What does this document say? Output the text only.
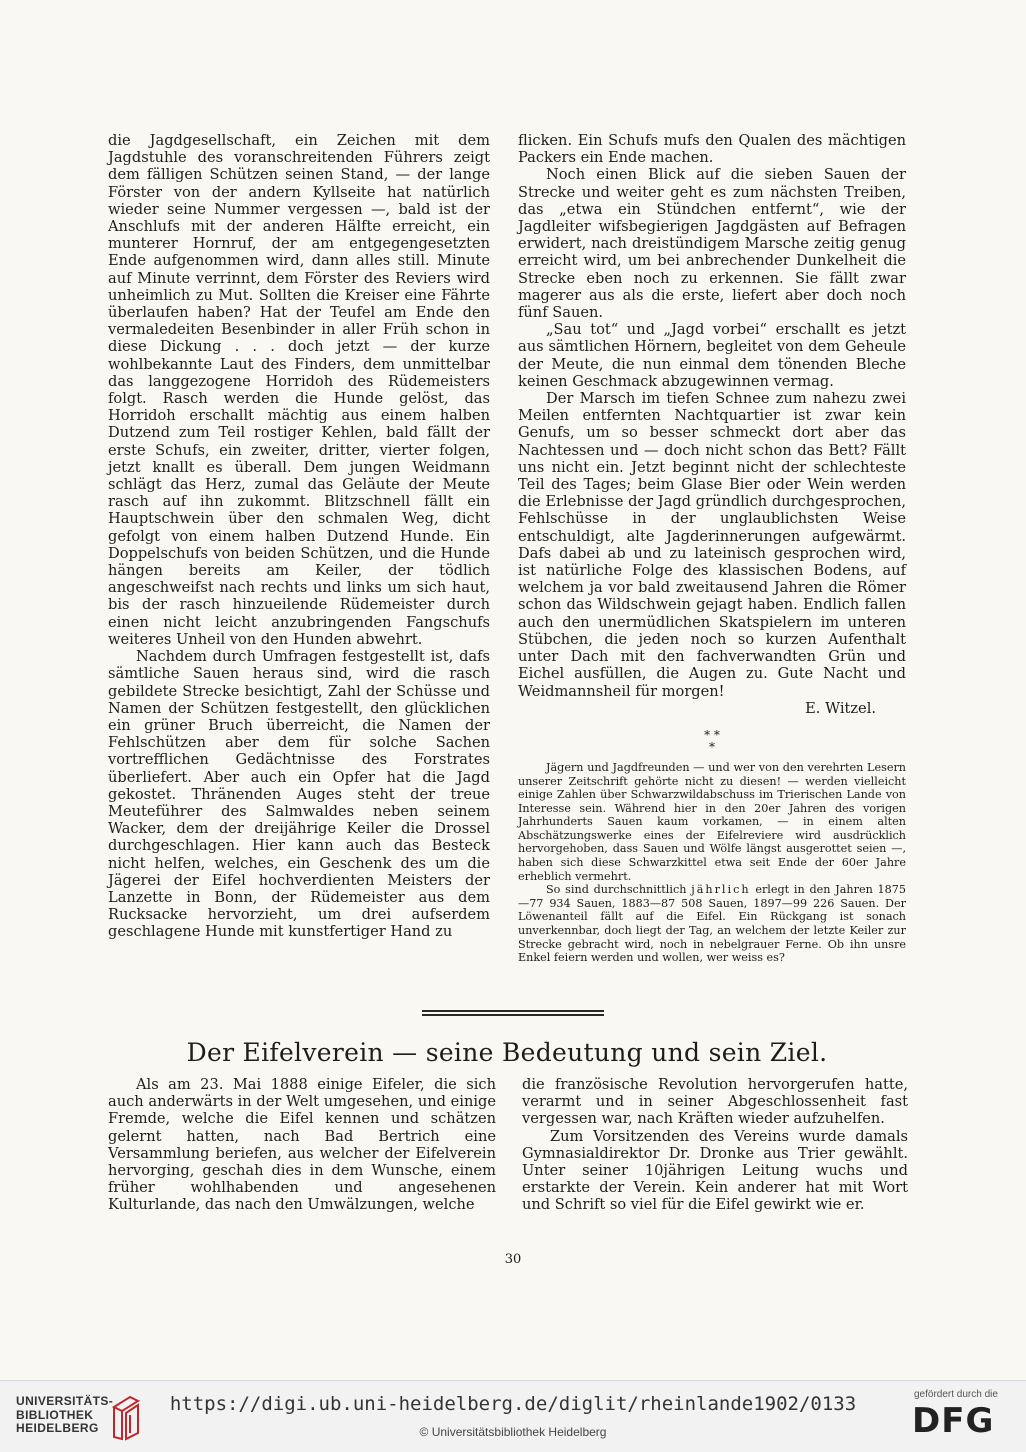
die Jagdgesellschaft, ein Zeichen mit dem Jagdstuhle des voranschreitenden Führers zeigt dem fälligen Schützen seinen Stand, — der lange Förster von der andern Kyllseite hat natürlich wieder seine Nummer vergessen —, bald ist der Anschlufs mit der anderen Hälfte erreicht, ein munterer Hornruf, der am entgegengesetzten Ende aufgenommen wird, dann alles still. Minute auf Minute verrinnt, dem Förster des Reviers wird unheimlich zu Mut. Sollten die Kreiser eine Fährte überlaufen haben? Hat der Teufel am Ende den vermaledeiten Besenbinder in aller Früh schon in diese Dickung . . . doch jetzt — der kurze wohlbekannte Laut des Finders, dem unmittelbar das langgezogene Horridoh des Rüdemeisters folgt. Rasch werden die Hunde gelöst, das Horridoh erschallt mächtig aus einem halben Dutzend zum Teil rostiger Kehlen, bald fällt der erste Schufs, ein zweiter, dritter, vierter folgen, jetzt knallt es überall. Dem jungen Weidmann schlägt das Herz, zumal das Geläute der Meute rasch auf ihn zukommt. Blitzschnell fällt ein Hauptschwein über den schmalen Weg, dicht gefolgt von einem halben Dutzend Hunde. Ein Doppelschufs von beiden Schützen, und die Hunde hängen bereits am Keiler, der tödlich angeschweifst nach rechts und links um sich haut, bis der rasch hinzueilende Rüdemeister durch einen nicht leicht anzubringenden Fangschufs weiteres Unheil von den Hunden abwehrt.

Nachdem durch Umfragen festgestellt ist, dafs sämtliche Sauen heraus sind, wird die rasch gebildete Strecke besichtigt, Zahl der Schüsse und Namen der Schützen festgestellt, den glücklichen ein grüner Bruch überreicht, die Namen der Fehlschützen aber dem für solche Sachen vortrefflichen Gedächtnisse des Forstrates überliefert. Aber auch ein Opfer hat die Jagd gekostet. Thränenden Auges steht der treue Meuteführer des Salmwaldes neben seinem Wacker, dem der dreijährige Keiler die Drossel durchgeschlagen. Hier kann auch das Besteck nicht helfen, welches, ein Geschenk des um die Jägerei der Eifel hochverdienten Meisters der Lanzette in Bonn, der Rüdemeister aus dem Rucksacke hervorzieht, um drei aufserdem geschlagene Hunde mit kunstfertiger Hand zu

flicken. Ein Schufs mufs den Qualen des mächtigen Packers ein Ende machen.

Noch einen Blick auf die sieben Sauen der Strecke und weiter geht es zum nächsten Treiben, das „etwa ein Stündchen entfernt“, wie der Jagdleiter wifsbegierigen Jagdgästen auf Befragen erwidert, nach dreistündigem Marsche zeitig genug erreicht wird, um bei anbrechender Dunkelheit die Strecke eben noch zu erkennen. Sie fällt zwar magerer aus als die erste, liefert aber doch noch fünf Sauen.

„Sau tot“ und „Jagd vorbei“ erschallt es jetzt aus sämtlichen Hörnern, begleitet von dem Geheule der Meute, die nun einmal dem tönenden Bleche keinen Geschmack abzugewinnen vermag.

Der Marsch im tiefen Schnee zum nahezu zwei Meilen entfernten Nachtquartier ist zwar kein Genufs, um so besser schmeckt dort aber das Nachtessen und — doch nicht schon das Bett? Fällt uns nicht ein. Jetzt beginnt nicht der schlechteste Teil des Tages; beim Glase Bier oder Wein werden die Erlebnisse der Jagd gründlich durchgesprochen, Fehlschüsse in der unglaublichsten Weise entschuldigt, alte Jagderinnerungen aufgewärmt. Dafs dabei ab und zu lateinisch gesprochen wird, ist natürliche Folge des klassischen Bodens, auf welchem ja vor bald zweitausend Jahren die Römer schon das Wildschwein gejagt haben. Endlich fallen auch den unermüdlichen Skatspielern im unteren Stübchen, die jeden noch so kurzen Aufenthalt unter Dach mit den fachverwandten Grün und Eichel ausfüllen, die Augen zu. Gute Nacht und Weidmannsheil für morgen!

E. Witzel.

* *
*

Jägern und Jagdfreunden — und wer von den verehrten Lesern unserer Zeitschrift gehörte nicht zu diesen! — werden vielleicht einige Zahlen über Schwarzwildabschuss im Trierischen Lande von Interesse sein. Während hier in den 20er Jahren des vorigen Jahrhunderts Sauen kaum vorkamen, — in einem alten Abschätzungswerke eines der Eifelreviere wird ausdrücklich hervorgehoben, dass Sauen und Wölfe längst ausgerottet seien —, haben sich diese Schwarzkittel etwa seit Ende der 60er Jahre erheblich vermehrt.

So sind durchschnittlich jährlich erlegt in den Jahren 1875—77 934 Sauen, 1883—87 508 Sauen, 1897—99 226 Sauen. Der Löwenanteil fällt auf die Eifel. Ein Rückgang ist sonach unverkennbar, doch liegt der Tag, an welchem der letzte Keiler zur Strecke gebracht wird, noch in nebelgrauer Ferne. Ob ihn unsre Enkel feiern werden und wollen, wer weiss es?

Der Eifelverein — seine Bedeutung und sein Ziel.

Als am 23. Mai 1888 einige Eifeler, die sich auch anderwärts in der Welt umgesehen, und einige Fremde, welche die Eifel kennen und schätzen gelernt hatten, nach Bad Bertrich eine Versammlung beriefen, aus welcher der Eifelverein hervorging, geschah dies in dem Wunsche, einem früher wohlhabenden und angesehenen Kulturlande, das nach den Umwälzungen, welche

die französische Revolution hervorgerufen hatte, verarmt und in seiner Abgeschlossenheit fast vergessen war, nach Kräften wieder aufzuhelfen.

Zum Vorsitzenden des Vereins wurde damals Gymnasialdirektor Dr. Dronke aus Trier gewählt. Unter seiner 10jährigen Leitung wuchs und erstarkte der Verein. Kein anderer hat mit Wort und Schrift so viel für die Eifel gewirkt wie er.

30
UNIVERSITÄTS-
BIBLIOTHEK
HEIDELBERG
https://digi.ub.uni-heidelberg.de/diglit/rheinlande1902/0133
© Universitätsbibliothek Heidelberg
gefördert durch die
DFG
